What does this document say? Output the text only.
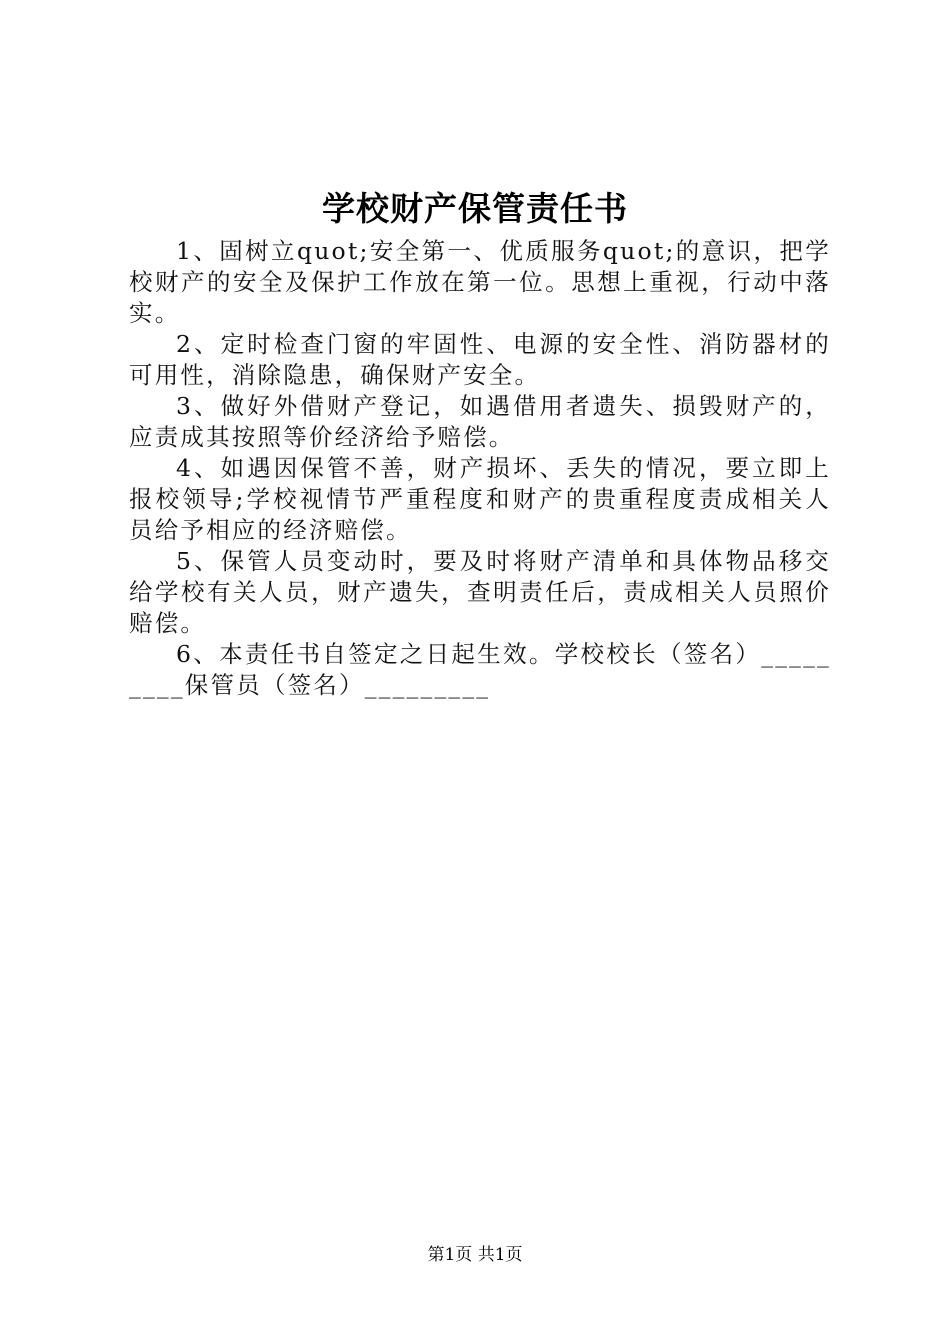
学校财产保管责任书

1、固树立quot;安全第一、优质服务quot;的意识，把学校财产的安全及保护工作放在第一位。思想上重视，行动中落实。

2、定时检查门窗的牢固性、电源的安全性、消防器材的可用性，消除隐患，确保财产安全。

3、做好外借财产登记，如遇借用者遗失、损毁财产的，应责成其按照等价经济给予赔偿。

4、如遇因保管不善，财产损坏、丢失的情况，要立即上报校领导;学校视情节严重程度和财产的贵重程度责成相关人员给予相应的经济赔偿。

5、保管人员变动时，要及时将财产清单和具体物品移交给学校有关人员，财产遗失，查明责任后，责成相关人员照价赔偿。

6、本责任书自签定之日起生效。学校校长（签名）_________保管员（签名）_________

第1页 共1页
